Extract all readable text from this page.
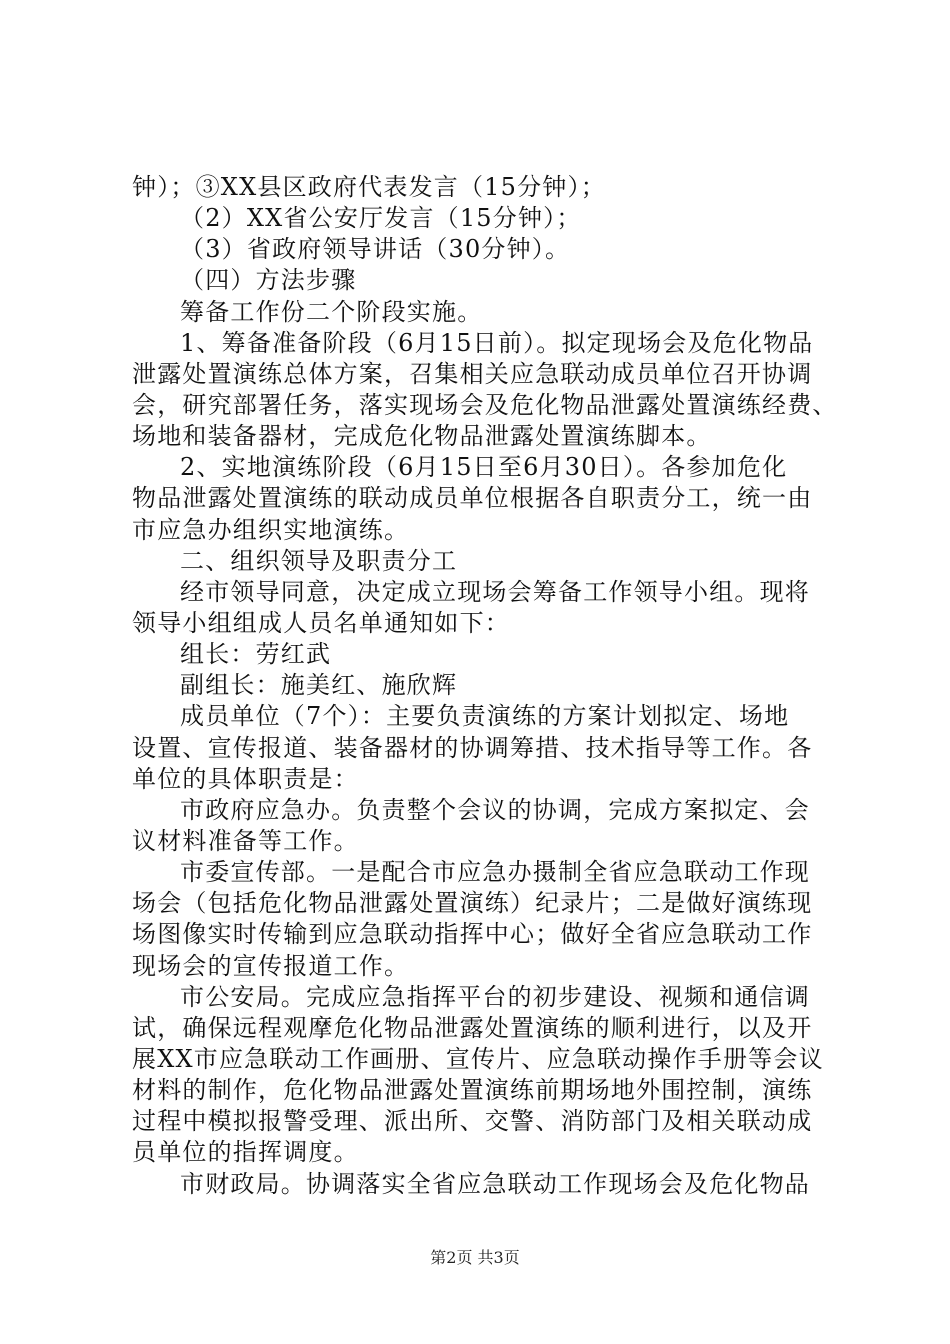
钟）；③XX县区政府代表发言（15分钟）；
（2）XX省公安厅发言（15分钟）；
（3）省政府领导讲话（30分钟）。
（四）方法步骤
筹备工作份二个阶段实施。
1、筹备准备阶段（6月15日前）。拟定现场会及危化物品
泄露处置演练总体方案，召集相关应急联动成员单位召开协调
会，研究部署任务，落实现场会及危化物品泄露处置演练经费、
场地和装备器材，完成危化物品泄露处置演练脚本。
2、实地演练阶段（6月15日至6月30日）。各参加危化
物品泄露处置演练的联动成员单位根据各自职责分工，统一由
市应急办组织实地演练。
二、组织领导及职责分工
经市领导同意，决定成立现场会筹备工作领导小组。现将
领导小组组成人员名单通知如下：
组长：劳红武
副组长：施美红、施欣辉
成员单位（7个）：主要负责演练的方案计划拟定、场地
设置、宣传报道、装备器材的协调筹措、技术指导等工作。各
单位的具体职责是：
市政府应急办。负责整个会议的协调，完成方案拟定、会
议材料准备等工作。
市委宣传部。一是配合市应急办摄制全省应急联动工作现
场会（包括危化物品泄露处置演练）纪录片；二是做好演练现
场图像实时传输到应急联动指挥中心；做好全省应急联动工作
现场会的宣传报道工作。
市公安局。完成应急指挥平台的初步建设、视频和通信调
试，确保远程观摩危化物品泄露处置演练的顺利进行，以及开
展XX市应急联动工作画册、宣传片、应急联动操作手册等会议
材料的制作，危化物品泄露处置演练前期场地外围控制，演练
过程中模拟报警受理、派出所、交警、消防部门及相关联动成
员单位的指挥调度。
市财政局。协调落实全省应急联动工作现场会及危化物品
第2页 共3页
